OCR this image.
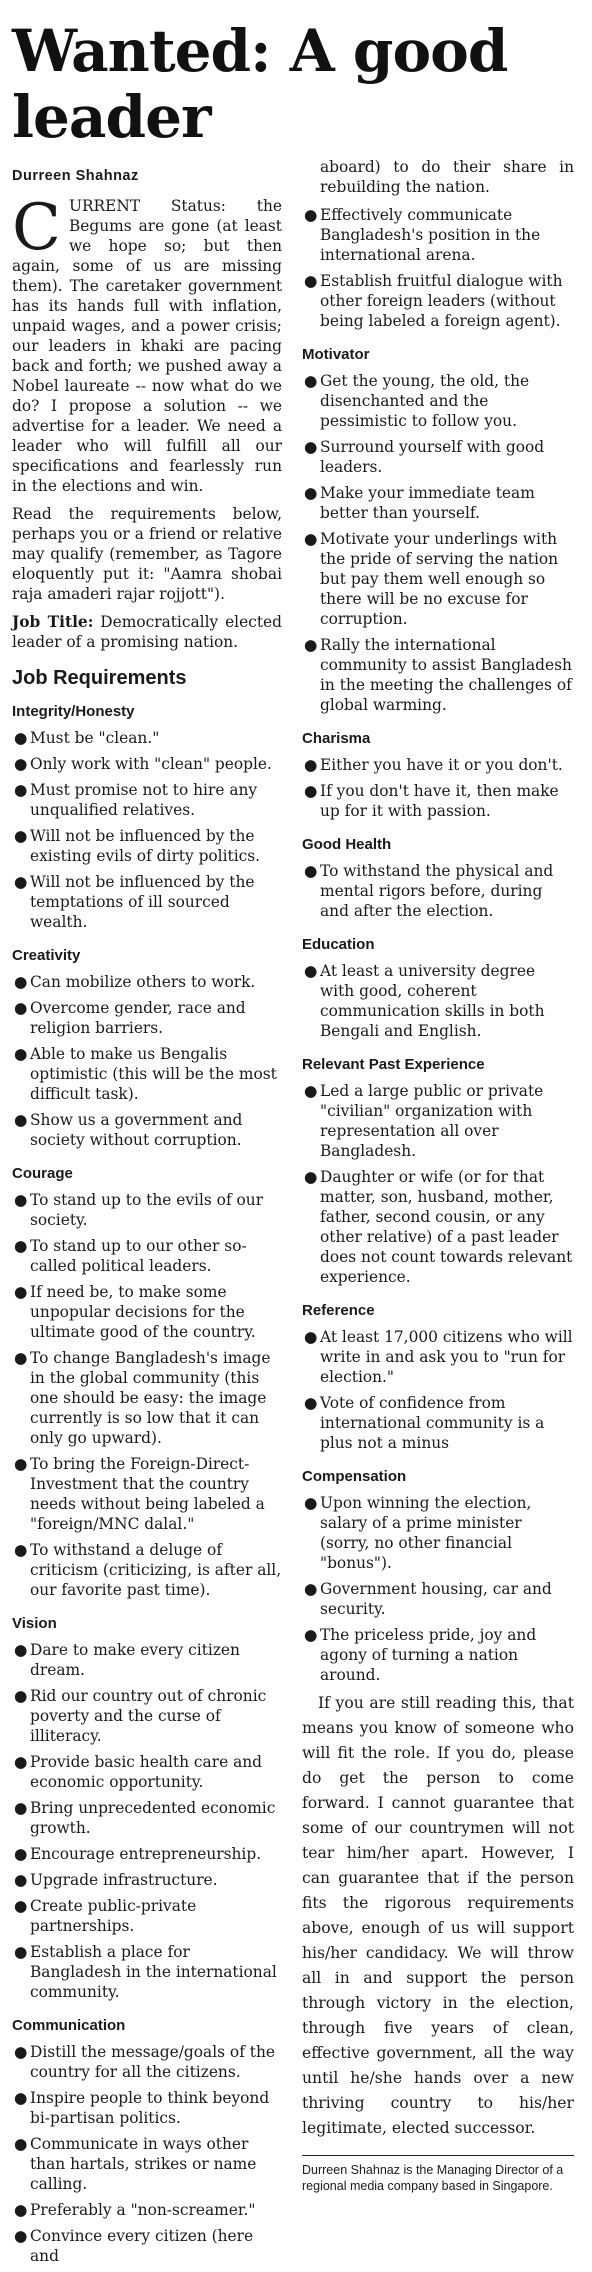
Wanted: A good leader
Durreen Shahnaz

CURRENT Status: the Begums are gone (at least we hope so; but then again, some of us are missing them). The caretaker government has its hands full with inflation, unpaid wages, and a power crisis; our leaders in khaki are pacing back and forth; we pushed away a Nobel laureate -- now what do we do? I propose a solution -- we advertise for a leader. We need a leader who will fulfill all our specifications and fearlessly run in the elections and win.

Read the requirements below, perhaps you or a friend or relative may qualify (remember, as Tagore eloquently put it: "Aamra shobai raja amaderi rajar rojjott").

Job Title: Democratically elected leader of a promising nation.

Job Requirements
Integrity/Honesty
● Must be "clean."
● Only work with "clean" people.
● Must promise not to hire any unqualified relatives.
● Will not be influenced by the existing evils of dirty politics.
● Will not be influenced by the temptations of ill sourced wealth.
Creativity
● Can mobilize others to work.
● Overcome gender, race and religion barriers.
● Able to make us Bengalis optimistic (this will be the most difficult task).
● Show us a government and society without corruption.
Courage
● To stand up to the evils of our society.
● To stand up to our other so-called political leaders.
● If need be, to make some unpopular decisions for the ultimate good of the country.
● To change Bangladesh's image in the global community (this one should be easy: the image currently is so low that it can only go upward).
● To bring the Foreign-Direct-Investment that the country needs without being labeled a "foreign/MNC dalal."
● To withstand a deluge of criticism (criticizing, is after all, our favorite past time).
Vision
● Dare to make every citizen dream.
● Rid our country out of chronic poverty and the curse of illiteracy.
● Provide basic health care and economic opportunity.
● Bring unprecedented economic growth.
● Encourage entrepreneurship.
● Upgrade infrastructure.
● Create public-private partnerships.
● Establish a place for Bangladesh in the international community.
Communication
● Distill the message/goals of the country for all the citizens.
● Inspire people to think beyond bi-partisan politics.
● Communicate in ways other than hartals, strikes or name calling.
● Preferably a "non-screamer."
● Convince every citizen (here and

aboard) to do their share in rebuilding the nation.

● Effectively communicate Bangladesh's position in the international arena.
● Establish fruitful dialogue with other foreign leaders (without being labeled a foreign agent).
Motivator
● Get the young, the old, the disenchanted and the pessimistic to follow you.
● Surround yourself with good leaders.
● Make your immediate team better than yourself.
● Motivate your underlings with the pride of serving the nation but pay them well enough so there will be no excuse for corruption.
● Rally the international community to assist Bangladesh in the meeting the challenges of global warming.
Charisma
● Either you have it or you don't.
● If you don't have it, then make up for it with passion.
Good Health
● To withstand the physical and mental rigors before, during and after the election.
Education
● At least a university degree with good, coherent communication skills in both Bengali and English.
Relevant Past Experience
● Led a large public or private "civilian" organization with representation all over Bangladesh.
● Daughter or wife (or for that matter, son, husband, mother, father, second cousin, or any other relative) of a past leader does not count towards relevant experience.
Reference
● At least 17,000 citizens who will write in and ask you to "run for election."
● Vote of confidence from international community is a plus not a minus
Compensation
● Upon winning the election, salary of a prime minister (sorry, no other financial "bonus").
● Government housing, car and security.
● The priceless pride, joy and agony of turning a nation around.

If you are still reading this, that means you know of someone who will fit the role. If you do, please do get the person to come forward. I cannot guarantee that some of our countrymen will not tear him/her apart. However, I can guarantee that if the person fits the rigorous requirements above, enough of us will support his/her candidacy. We will throw all in and support the person through victory in the election, through five years of clean, effective government, all the way until he/she hands over a new thriving country to his/her legitimate, elected successor.

Durreen Shahnaz is the Managing Director of a regional media company based in Singapore.
